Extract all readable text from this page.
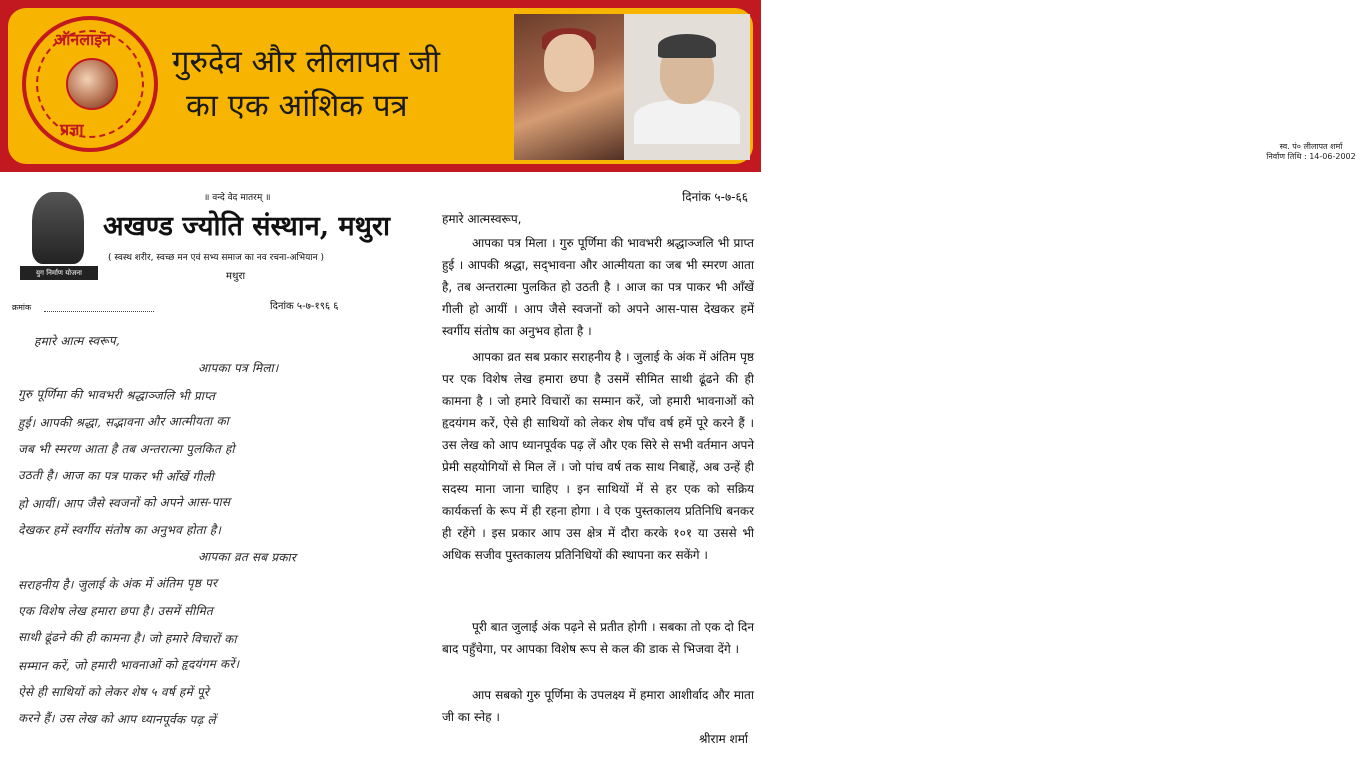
ऑनलाइन
प्रज्ञा
गुरुदेव और लीलापत जी
का एक आंशिक पत्र
स्व. पं० लीलापत शर्मा
निर्वाण तिथि : 14-06-2002
युग निर्माण योजना
॥ वन्दे वेद मातरम् ॥
अखण्ड ज्योति संस्थान, मथुरा
( स्वस्थ शरीर, स्वच्छ मन एवं सभ्य समाज का नव रचना-अभियान )
मथुरा
क्रमांक	दिनांक ५-७-१९६ ६
हमारे आत्म स्वरूप,
आपका पत्र मिला।
गुरु पूर्णिमा की भावभरी श्रद्धाञ्जलि भी प्राप्त
हुई। आपकी श्रद्धा, सद्भावना और आत्मीयता का
जब भी स्मरण आता है तब अन्तरात्मा पुलकित हो
उठती है। आज का पत्र पाकर भी आँखें गीली
हो आयीं। आप जैसे स्वजनों को अपने आस-पास
देखकर हमें स्वर्गीय संतोष का अनुभव होता है।
आपका व्रत सब प्रकार
सराहनीय है। जुलाई के अंक में अंतिम पृष्ठ पर
एक विशेष लेख हमारा छपा है। उसमें सीमित
साथी ढूंढने की ही कामना है। जो हमारे विचारों का
सम्मान करें, जो हमारी भावनाओं को हृदयंगम करें।
ऐसे ही साथियों को लेकर शेष ५ वर्ष हमें पूरे
करने हैं। उस लेख को आप ध्यानपूर्वक पढ़ लें
दिनांक ५-७-६६
हमारे आत्मस्वरूप,
आपका पत्र मिला । गुरु पूर्णिमा की भावभरी श्रद्धाञ्जलि भी प्राप्त हुई । आपकी श्रद्धा, सद्‌भावना और आत्मीयता का जब भी स्मरण आता है, तब अन्तरात्मा पुलकित हो उठती है । आज का पत्र पाकर भी आँखें गीली हो आयीं । आप जैसे स्वजनों को अपने आस-पास देखकर हमें स्वर्गीय संतोष का अनुभव होता है ।
आपका व्रत सब प्रकार सराहनीय है । जुलाई के अंक में अंतिम पृष्ठ पर एक विशेष लेख हमारा छपा है उसमें सीमित साथी ढूंढने की ही कामना है । जो हमारे विचारों का सम्मान करें, जो हमारी भावनाओं को हृदयंगम करें, ऐसे ही साथियों को लेकर शेष पाँच वर्ष हमें पूरे करने हैं । उस लेख को आप ध्यानपूर्वक पढ़ लें और एक सिरे से सभी वर्तमान अपने प्रेमी सहयोगियों से मिल लें । जो पांच वर्ष तक साथ निबाहें, अब उन्हें ही सदस्य माना जाना चाहिए । इन साथियों में से हर एक को सक्रिय कार्यकर्त्ता के रूप में ही रहना होगा । वे एक पुस्तकालय प्रतिनिधि बनकर ही रहेंगे । इस प्रकार आप उस क्षेत्र में दौरा करके १०१ या उससे भी अधिक सजीव पुस्तकालय प्रतिनिधियों की स्थापना कर सकेंगे ।
पूरी बात जुलाई अंक पढ़ने से प्रतीत होगी । सबका तो एक दो दिन बाद पहुँचेगा, पर आपका विशेष रूप से कल की डाक से भिजवा देंगे ।
आप सबको गुरु पूर्णिमा के उपलक्ष्य में हमारा आशीर्वाद और माता जी का स्नेह ।
श्रीराम शर्मा
